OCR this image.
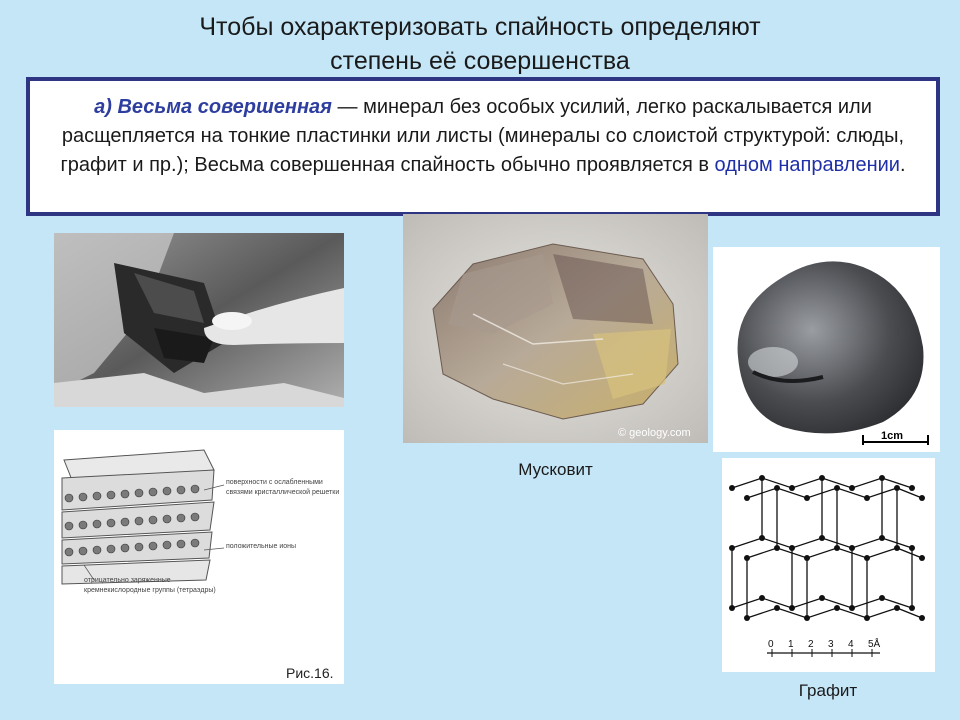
Чтобы охарактеризовать спайность определяют
степень её совершенства
а) Весьма совершенная — минерал без особых усилий, легко раскалывается или расщепляется на тонкие пластинки или листы (минералы со слоистой структурой: слюды, графит и пр.); Весьма совершенная спайность обычно проявляется в одном направлении.
поверхности с ослабленными связями кристаллической решетки
положительные ионы
отрицательно заряженные кремнекислородные группы (тетраэдры)
Рис.16.
© geology.com
Мусковит
1cm
0 1 2 3 4 5Å
Графит
